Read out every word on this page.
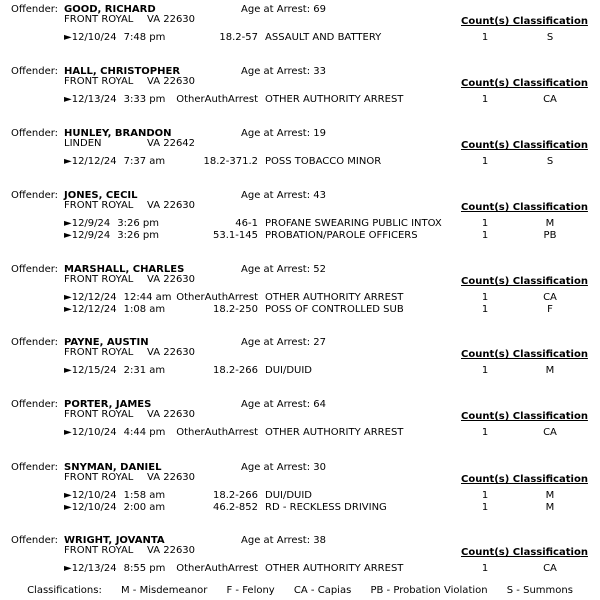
Offender: GOOD, RICHARD	Age at Arrest: 69
FRONT ROYAL VA 22630	Count(s) Classification
►12/10/24 7:48 pm	18.2-57 ASSAULT AND BATTERY	1	S
Offender: HALL, CHRISTOPHER	Age at Arrest: 33
FRONT ROYAL VA 22630	Count(s) Classification
►12/13/24 3:33 pm OtherAuthArrest OTHER AUTHORITY ARREST	1	CA
Offender: HUNLEY, BRANDON	Age at Arrest: 19
LINDEN	VA 22642	Count(s) Classification
►12/12/24 7:37 am	18.2-371.2 POSS TOBACCO MINOR	1	S
Offender: JONES, CECIL	Age at Arrest: 43
FRONT ROYAL VA 22630	Count(s) Classification
►12/9/24 3:26 pm	46-1 PROFANE SWEARING PUBLIC INTOX	1	M
►12/9/24 3:26 pm	53.1-145 PROBATION/PAROLE OFFICERS	1	PB
Offender: MARSHALL, CHARLES	Age at Arrest: 52
FRONT ROYAL VA 22630	Count(s) Classification
►12/12/24 12:44 am OtherAuthArrest OTHER AUTHORITY ARREST	1	CA
►12/12/24 1:08 am	18.2-250 POSS OF CONTROLLED SUB	1	F
Offender: PAYNE, AUSTIN	Age at Arrest: 27
FRONT ROYAL VA 22630	Count(s) Classification
►12/15/24 2:31 am	18.2-266 DUI/DUID	1	M
Offender: PORTER, JAMES	Age at Arrest: 64
FRONT ROYAL VA 22630	Count(s) Classification
►12/10/24 4:44 pm OtherAuthArrest OTHER AUTHORITY ARREST	1	CA
Offender: SNYMAN, DANIEL	Age at Arrest: 30
FRONT ROYAL VA 22630	Count(s) Classification
►12/10/24 1:58 am	18.2-266 DUI/DUID	1	M
►12/10/24 2:00 am	46.2-852 RD - RECKLESS DRIVING	1	M
Offender: WRIGHT, JOVANTA	Age at Arrest: 38
FRONT ROYAL VA 22630	Count(s) Classification
►12/13/24 8:55 pm OtherAuthArrest OTHER AUTHORITY ARREST	1	CA
Classifications: M - Misdemeanor F - Felony CA - Capias PB - Probation Violation S - Summons
